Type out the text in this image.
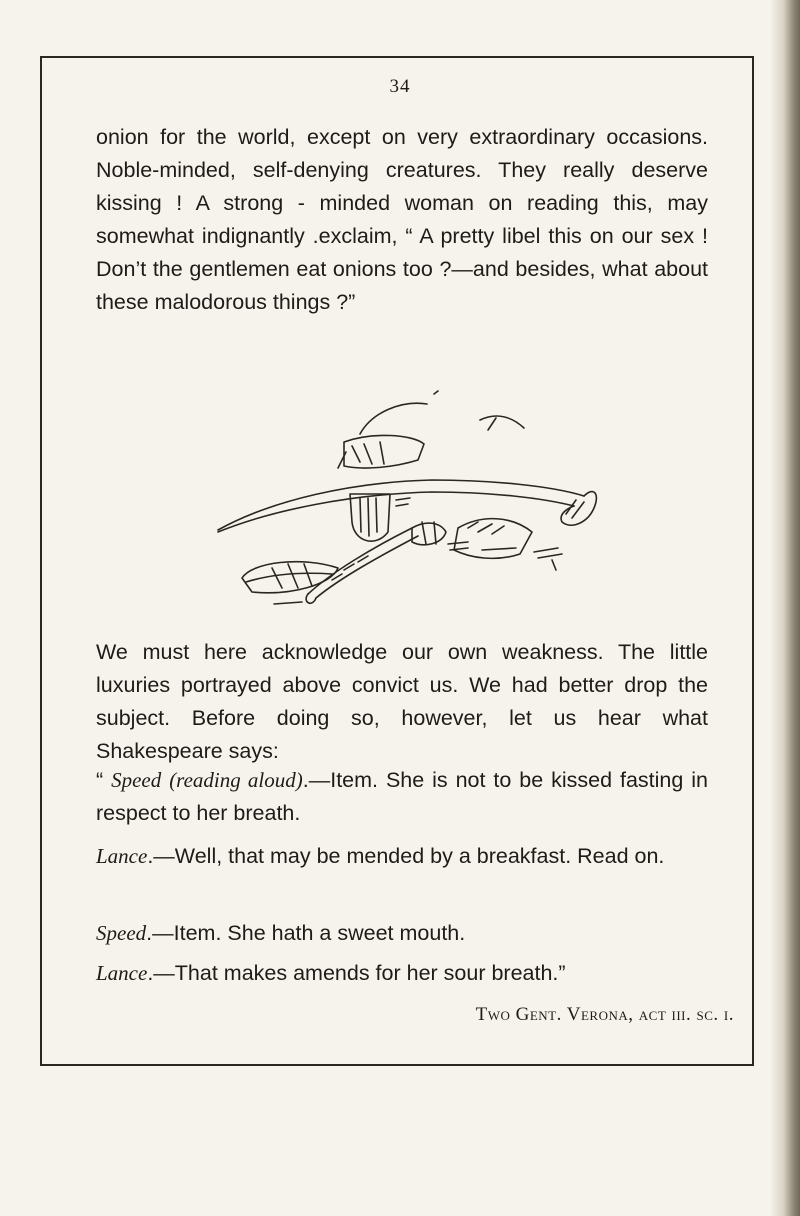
34

onion for the world, except on very extraordinary occasions. Noble-minded, self-denying creatures. They really deserve kissing ! A strong - minded woman on reading this, may somewhat indignantly .exclaim, “ A pretty libel this on our sex ! Don’t the gentlemen eat onions too ?—and besides, what about these malodorous things ?”

We must here acknowledge our own weakness. The little luxuries portrayed above convict us. We had better drop the subject. Before doing so, however, let us hear what Shakespeare says:

“ Speed (reading aloud).—Item. She is not to be kissed fasting in respect to her breath.

Lance.—Well, that may be mended by a breakfast. Read on.

Speed.—Item. She hath a sweet mouth.

Lance.—That makes amends for her sour breath.”

Two Gent. Verona, act iii. sc. i.
